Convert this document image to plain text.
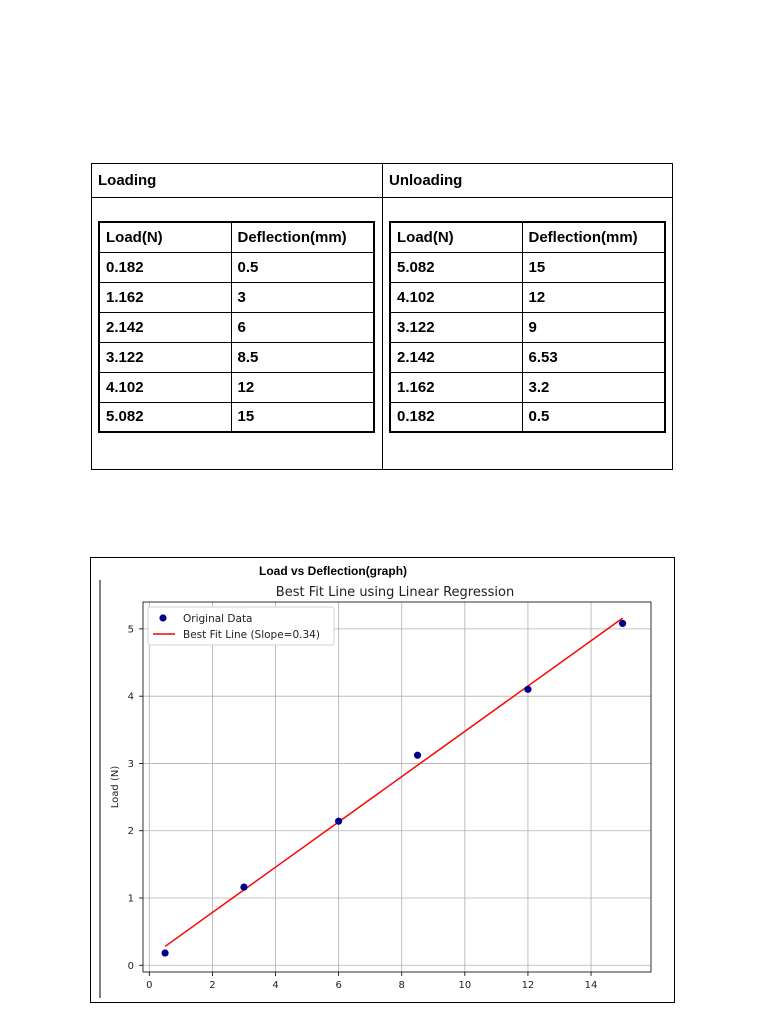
Loading	Unloading
Load(N)	Deflection(mm)
0.182	0.5
1.162	3
2.142	6
3.122	8.5
4.102	12
5.082	15
Load(N)	Deflection(mm)
5.082	15
4.102	12
3.122	9
2.142	6.53
1.162	3.2
0.182	0.5
Load vs Deflection(graph)
Best Fit Line using Linear Regression
Load (N)
0	2	4	6	8	10	12	14
0
1
2
3
4
5
Original Data
Best Fit Line (Slope=0.34)
